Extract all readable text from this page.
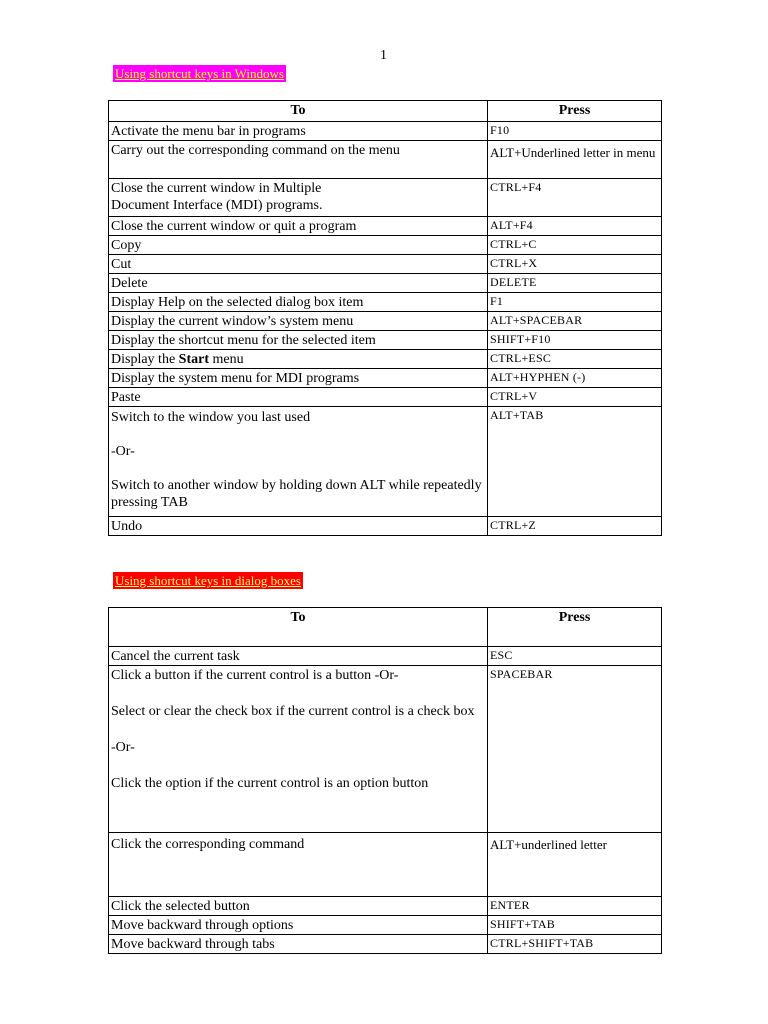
1
Using shortcut keys in Windows
To	Press
Activate the menu bar in programs	F10
Carry out the corresponding command on the menu	ALT+Underlined letter in menu
Close the current window in Multiple
Document Interface (MDI) programs.	CTRL+F4
Close the current window or quit a program	ALT+F4
Copy	CTRL+C
Cut	CTRL+X
Delete	DELETE
Display Help on the selected dialog box item	F1
Display the current window’s system menu	ALT+SPACEBAR
Display the shortcut menu for the selected item	SHIFT+F10
Display the Start menu	CTRL+ESC
Display the system menu for MDI programs	ALT+HYPHEN (-)
Paste	CTRL+V
Switch to the window you last used

-Or-

Switch to another window by holding down ALT while repeatedly pressing TAB	ALT+TAB
Undo	CTRL+Z
Using shortcut keys in dialog boxes
To	Press
Cancel the current task	ESC
Click a button if the current control is a button -Or-

Select or clear the check box if the current control is a check box

-Or-

Click the option if the current control is an option button	SPACEBAR
Click the corresponding command	ALT+underlined letter
Click the selected button	ENTER
Move backward through options	SHIFT+TAB
Move backward through tabs	CTRL+SHIFT+TAB
